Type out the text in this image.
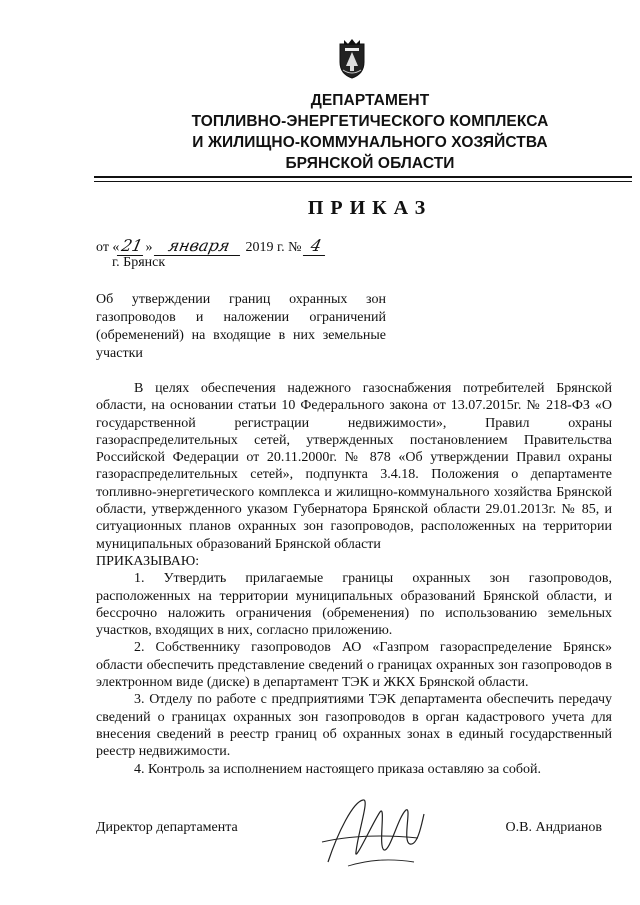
ДЕПАРТАМЕНТ
ТОПЛИВНО-ЭНЕРГЕТИЧЕСКОГО КОМПЛЕКСА
И ЖИЛИЩНО-КОММУНАЛЬНОГО ХОЗЯЙСТВА
БРЯНСКОЙ ОБЛАСТИ
ПРИКАЗ
от «21» января 2019 г. № 4
г. Брянск
Об утверждении границ охранных зон газопроводов и наложении ограничений (обременений) на входящие в них земельные участки

В целях обеспечения надежного газоснабжения потребителей Брянской области, на основании статьи 10 Федерального закона от 13.07.2015г. № 218-ФЗ «О государственной регистрации недвижимости», Правил охраны газораспределительных сетей, утвержденных постановлением Правительства Российской Федерации от 20.11.2000г. № 878 «Об утверждении Правил охраны газораспределительных сетей», подпункта 3.4.18. Положения о департаменте топливно-энергетического комплекса и жилищно-коммунального хозяйства Брянской области, утвержденного указом Губернатора Брянской области 29.01.2013г. № 85, и ситуационных планов охранных зон газопроводов, расположенных на территории муниципальных образований Брянской области

ПРИКАЗЫВАЮ:

1. Утвердить прилагаемые границы охранных зон газопроводов, расположенных на территории муниципальных образований Брянской области, и бессрочно наложить ограничения (обременения) по использованию земельных участков, входящих в них, согласно приложению.

2. Собственнику газопроводов АО «Газпром газораспределение Брянск» области обеспечить представление сведений о границах охранных зон газопроводов в электронном виде (диске) в департамент ТЭК и ЖКХ Брянской области.

3. Отделу по работе с предприятиями ТЭК департамента обеспечить передачу сведений о границах охранных зон газопроводов в орган кадастрового учета для внесения сведений в реестр границ об охранных зонах в единый государственный реестр недвижимости.

4. Контроль за исполнением настоящего приказа оставляю за собой.

Директор департамента	О.В. Андрианов
